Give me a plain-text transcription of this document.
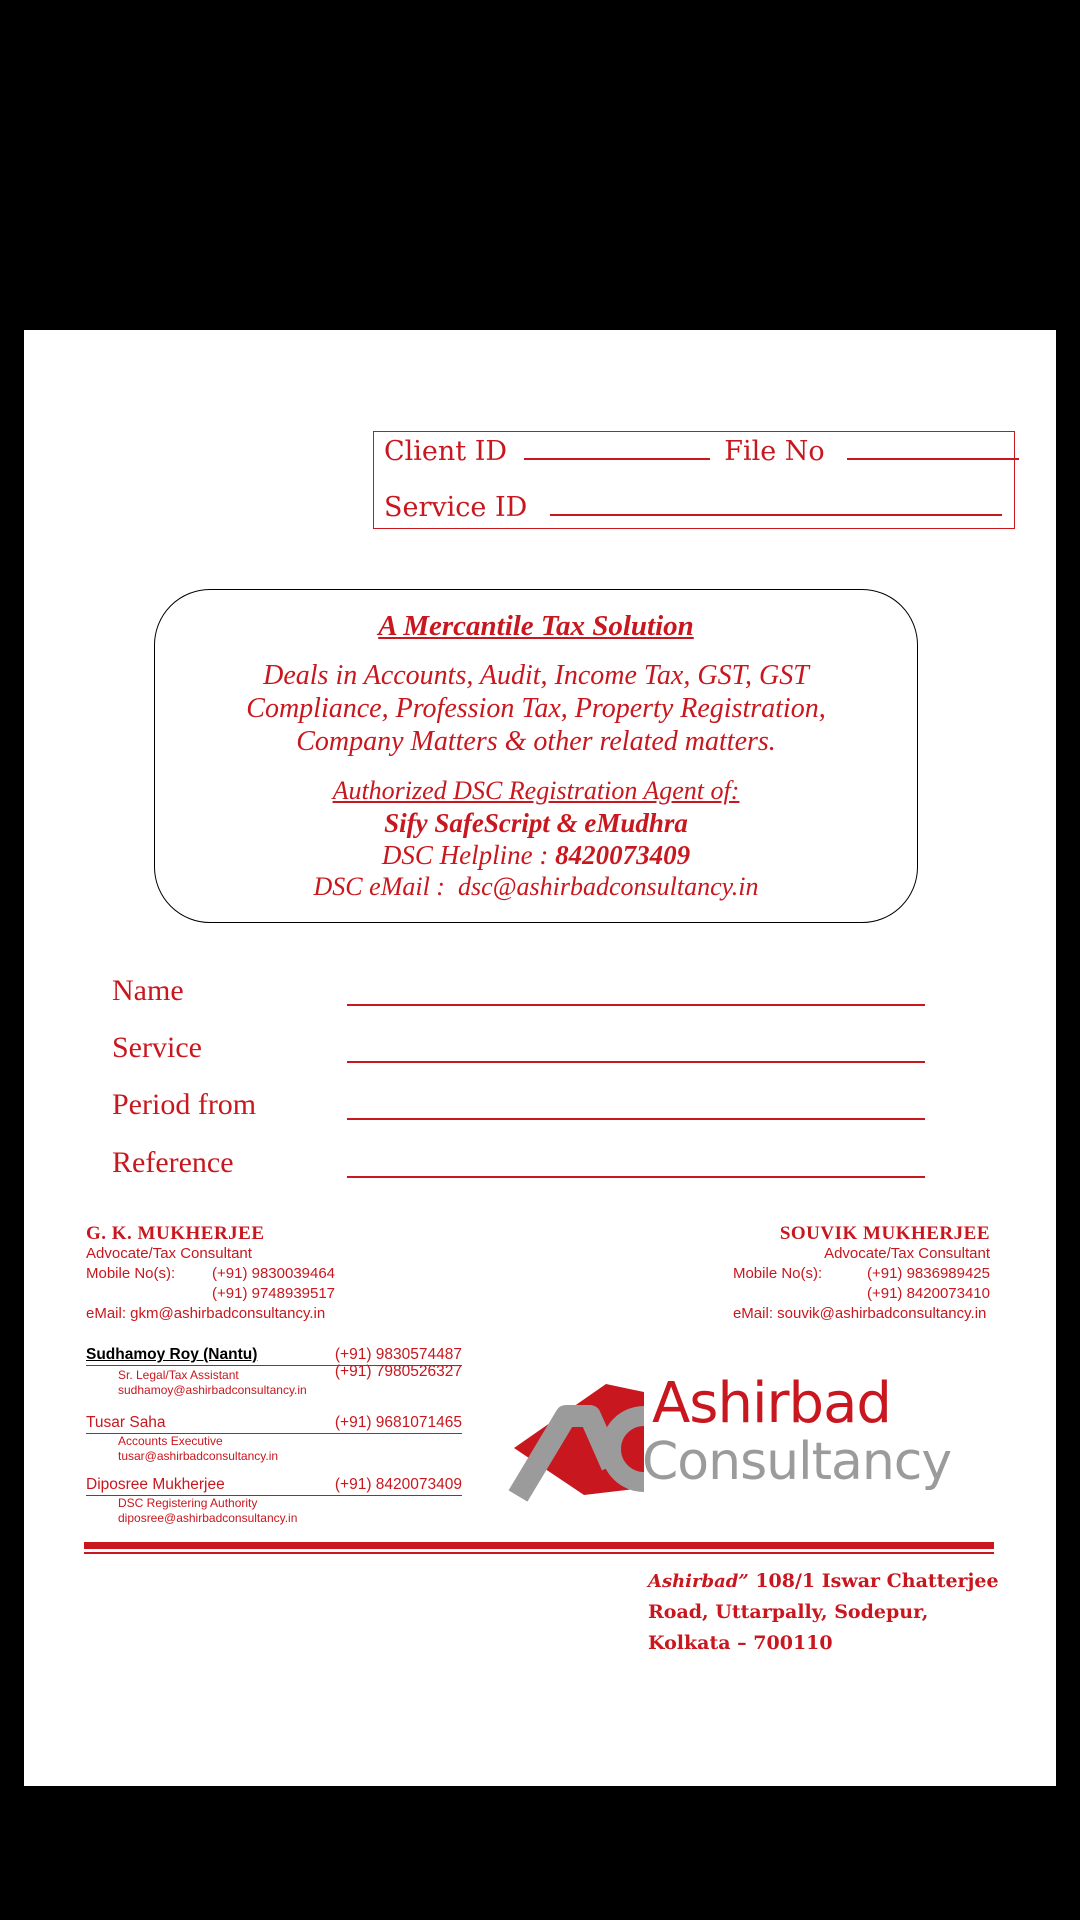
Client ID	File No
Service ID
A Mercantile Tax Solution
Deals in Accounts, Audit, Income Tax, GST, GST
Compliance, Profession Tax, Property Registration,
Company Matters & other related matters.
Authorized DSC Registration Agent of:
Sify SafeScript & eMudhra
DSC Helpline : 8420073409
DSC eMail : dsc@ashirbadconsultancy.in
Name
Service
Period from
Reference
G. K. MUKHERJEE
Advocate/Tax Consultant
Mobile No(s): (+91) 9830039464
(+91) 9748939517
eMail: gkm@ashirbadconsultancy.in
SOUVIK MUKHERJEE
Advocate/Tax Consultant
Mobile No(s):	(+91) 9836989425
(+91) 8420073410
eMail: souvik@ashirbadconsultancy.in
Sudhamoy Roy (Nantu)	(+91) 9830574487
Sr. Legal/Tax Assistant	(+91) 7980526327
sudhamoy@ashirbadconsultancy.in
Tusar Saha	(+91) 9681071465
Accounts Executive
tusar@ashirbadconsultancy.in
Diposree Mukherjee	(+91) 8420073409
DSC Registering Authority
diposree@ashirbadconsultancy.in
Ashirbad
Consultancy
Ashirbad” 108/1 Iswar Chatterjee
Road, Uttarpally, Sodepur,
Kolkata – 700110
